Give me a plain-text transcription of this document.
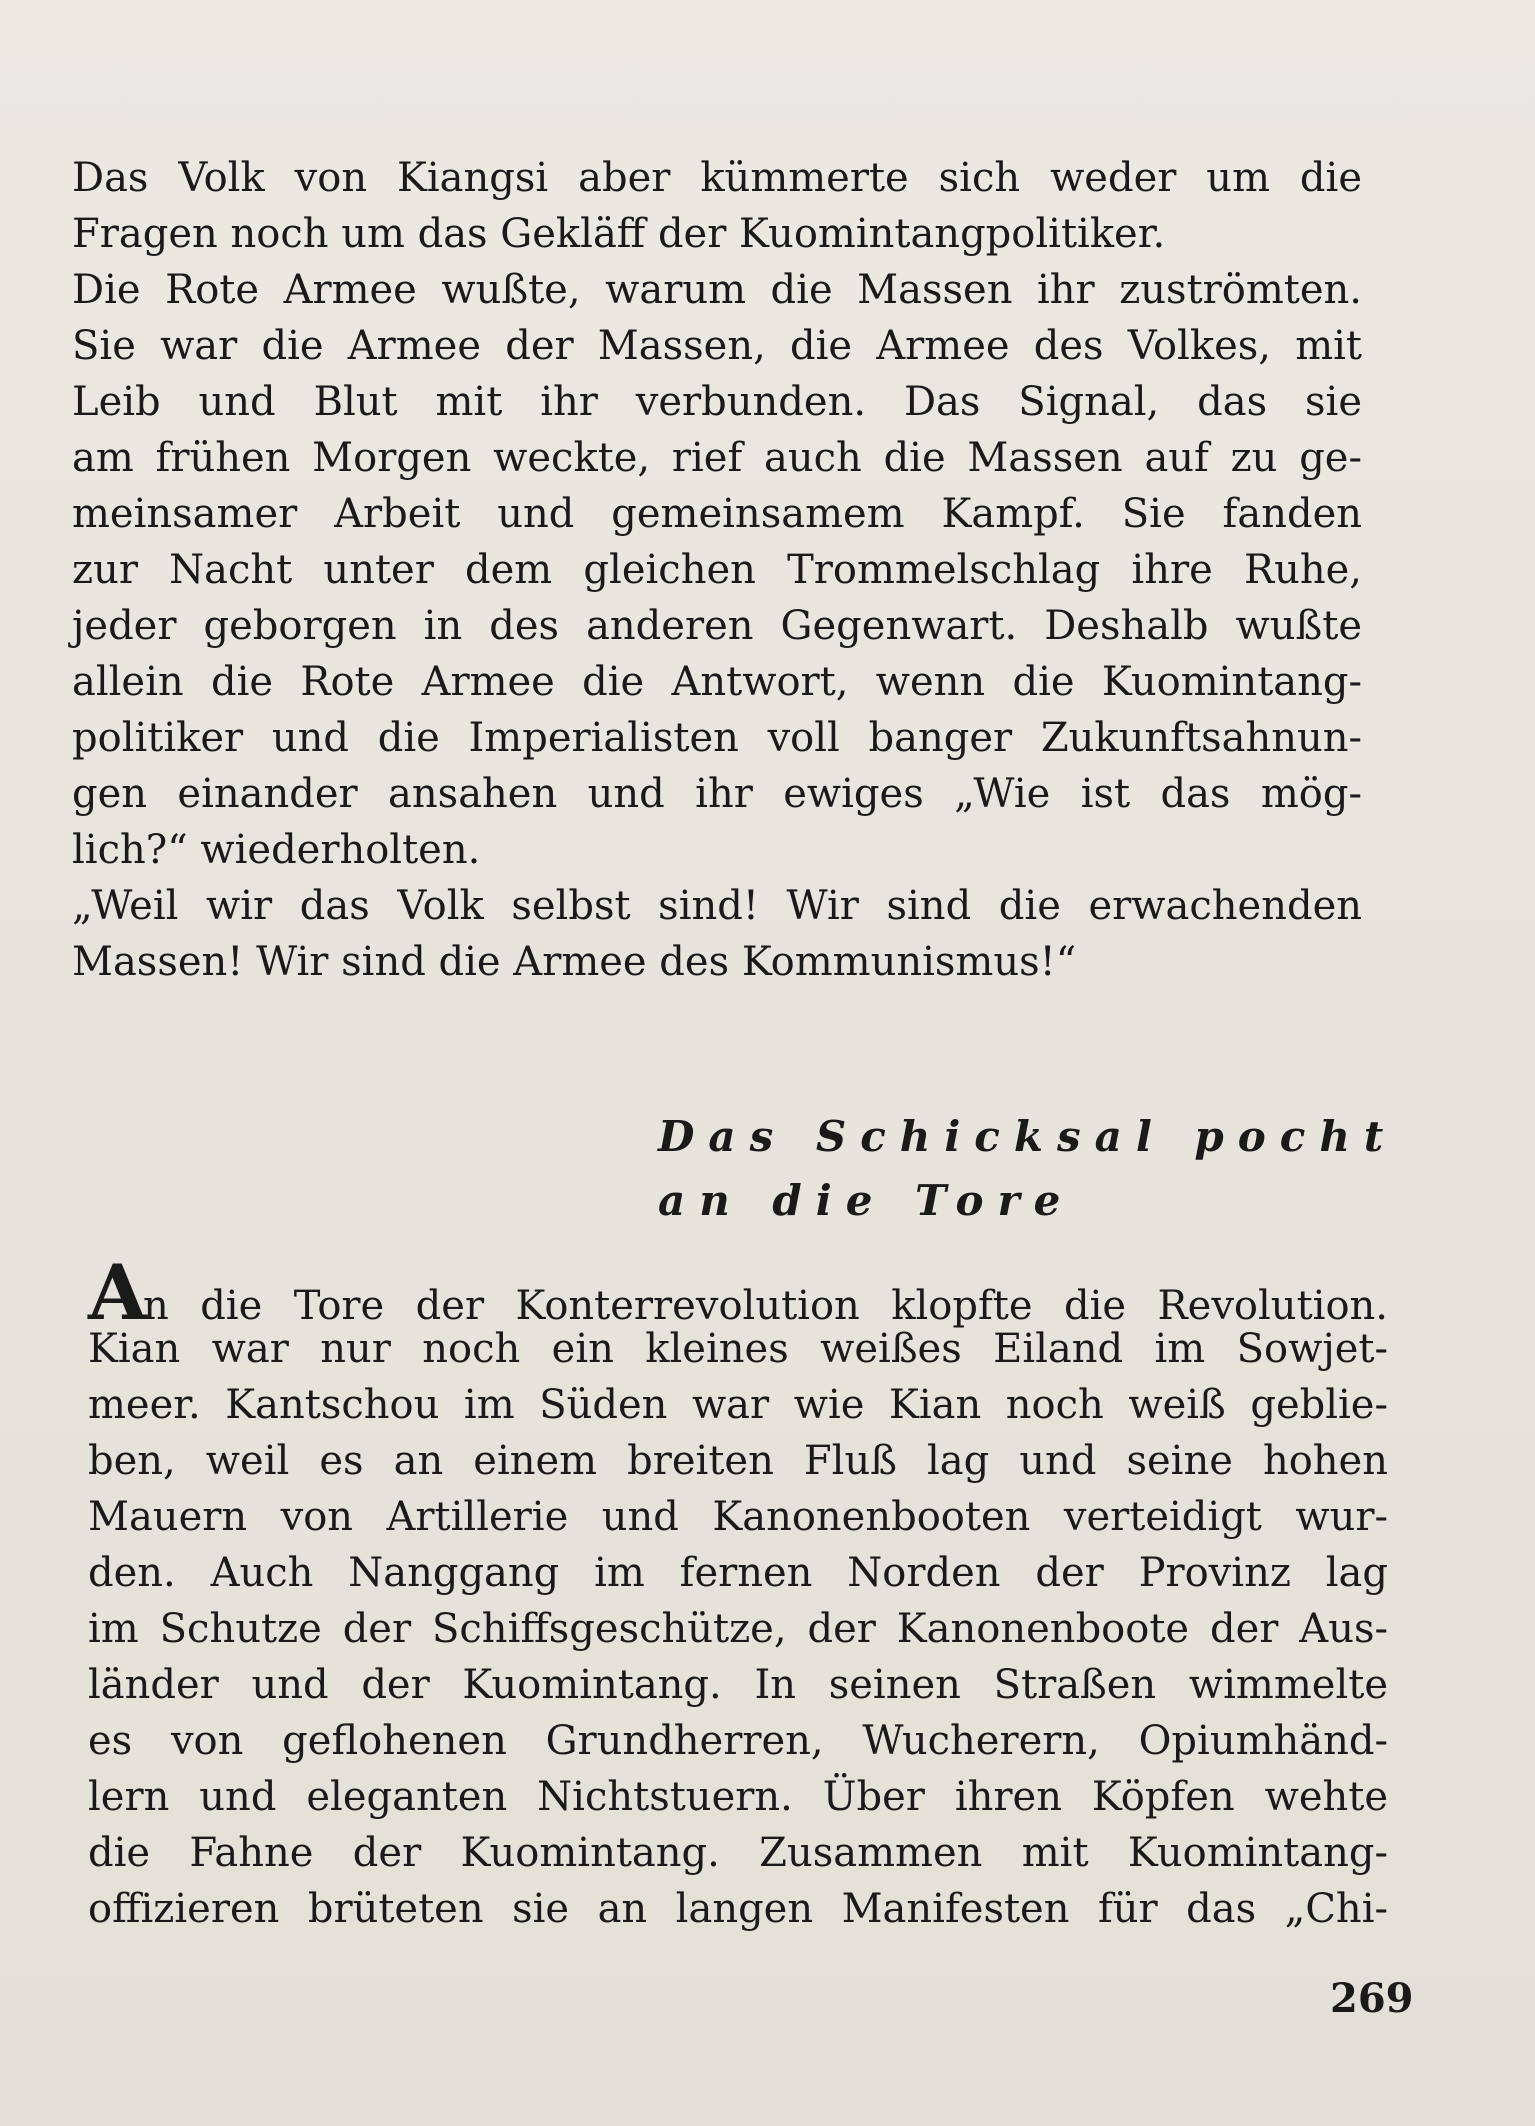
Das Volk von Kiangsi aber kümmerte sich weder um die
Fragen noch um das Gekläff der Kuomintangpolitiker.
Die Rote Armee wußte, warum die Massen ihr zuströmten.
Sie war die Armee der Massen, die Armee des Volkes, mit
Leib und Blut mit ihr verbunden. Das Signal, das sie
am frühen Morgen weckte, rief auch die Massen auf zu ge-
meinsamer Arbeit und gemeinsamem Kampf. Sie fanden
zur Nacht unter dem gleichen Trommelschlag ihre Ruhe,
jeder geborgen in des anderen Gegenwart. Deshalb wußte
allein die Rote Armee die Antwort, wenn die Kuomintang-
politiker und die Imperialisten voll banger Zukunftsahnun-
gen einander ansahen und ihr ewiges „Wie ist das mög-
lich?“ wiederholten.
„Weil wir das Volk selbst sind! Wir sind die erwachenden
Massen! Wir sind die Armee des Kommunismus!“
Das Schicksal pocht
an die Tore
An die Tore der Konterrevolution klopfte die Revolution.
Kian war nur noch ein kleines weißes Eiland im Sowjet-
meer. Kantschou im Süden war wie Kian noch weiß geblie-
ben, weil es an einem breiten Fluß lag und seine hohen
Mauern von Artillerie und Kanonenbooten verteidigt wur-
den. Auch Nanggang im fernen Norden der Provinz lag
im Schutze der Schiffsgeschütze, der Kanonenboote der Aus-
länder und der Kuomintang. In seinen Straßen wimmelte
es von geflohenen Grundherren, Wucherern, Opiumhänd-
lern und eleganten Nichtstuern. Über ihren Köpfen wehte
die Fahne der Kuomintang. Zusammen mit Kuomintang-
offizieren brüteten sie an langen Manifesten für das „Chi-
269
